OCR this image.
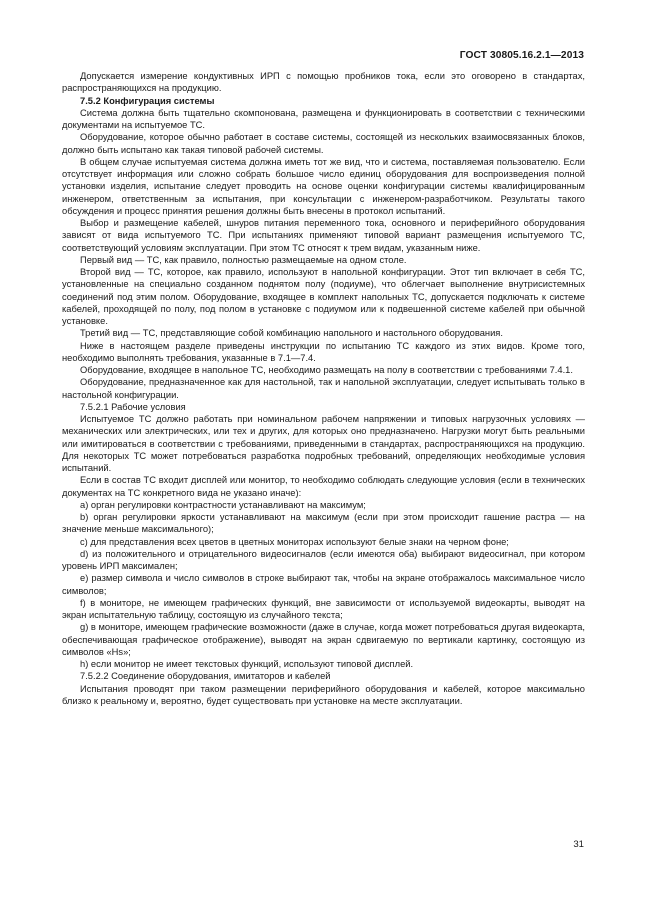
ГОСТ 30805.16.2.1—2013

Допускается измерение кондуктивных ИРП с помощью пробников тока, если это оговорено в стандартах, распространяющихся на продукцию.

7.5.2 Конфигурация системы

Система должна быть тщательно скомпонована, размещена и функционировать в соответствии с техническими документами на испытуемое ТС.

Оборудование, которое обычно работает в составе системы, состоящей из нескольких взаимосвязанных блоков, должно быть испытано как такая типовой рабочей системы.

В общем случае испытуемая система должна иметь тот же вид, что и система, поставляемая пользователю. Если отсутствует информация или сложно собрать большое число единиц оборудования для воспроизведения полной установки изделия, испытание следует проводить на основе оценки конфигурации системы квалифицированным инженером, ответственным за испытания, при консультации с инженером-разработчиком. Результаты такого обсуждения и процесс принятия решения должны быть внесены в протокол испытаний.

Выбор и размещение кабелей, шнуров питания переменного тока, основного и периферийного оборудования зависят от вида испытуемого ТС. При испытаниях применяют типовой вариант размещения испытуемого ТС, соответствующий условиям эксплуатации. При этом ТС относят к трем видам, указанным ниже.

Первый вид — ТС, как правило, полностью размещаемые на одном столе.

Второй вид — ТС, которое, как правило, используют в напольной конфигурации. Этот тип включает в себя ТС, установленные на специально созданном поднятом полу (подиуме), что облегчает выполнение внутрисистемных соединений под этим полом. Оборудование, входящее в комплект напольных ТС, допускается подключать к системе кабелей, проходящей по полу, под полом в установке с подиумом или к подвешенной системе кабелей при обычной установке.

Третий вид — ТС, представляющие собой комбинацию напольного и настольного оборудования.

Ниже в настоящем разделе приведены инструкции по испытанию ТС каждого из этих видов. Кроме того, необходимо выполнять требования, указанные в 7.1—7.4.

Оборудование, входящее в напольное ТС, необходимо размещать на полу в соответствии с требованиями 7.4.1.

Оборудование, предназначенное как для настольной, так и напольной эксплуатации, следует испытывать только в настольной конфигурации.

7.5.2.1 Рабочие условия

Испытуемое ТС должно работать при номинальном рабочем напряжении и типовых нагрузочных условиях — механических или электрических, или тех и других, для которых оно предназначено. Нагрузки могут быть реальными или имитироваться в соответствии с требованиями, приведенными в стандартах, распространяющихся на продукцию. Для некоторых ТС может потребоваться разработка подробных требований, определяющих необходимые условия испытаний.

Если в состав ТС входит дисплей или монитор, то необходимо соблюдать следующие условия (если в технических документах на ТС конкретного вида не указано иначе):

a) орган регулировки контрастности устанавливают на максимум;

b) орган регулировки яркости устанавливают на максимум (если при этом происходит гашение растра — на значение меньше максимального);

c) для представления всех цветов в цветных мониторах используют белые знаки на черном фоне;

d) из положительного и отрицательного видеосигналов (если имеются оба) выбирают видеосигнал, при котором уровень ИРП максимален;

e) размер символа и число символов в строке выбирают так, чтобы на экране отображалось максимальное число символов;

f) в мониторе, не имеющем графических функций, вне зависимости от используемой видеокарты, выводят на экран испытательную таблицу, состоящую из случайного текста;

g) в мониторе, имеющем графические возможности (даже в случае, когда может потребоваться другая видеокарта, обеспечивающая графическое отображение), выводят на экран сдвигаемую по вертикали картинку, состоящую из символов «Hs»;

h) если монитор не имеет текстовых функций, используют типовой дисплей.

7.5.2.2 Соединение оборудования, имитаторов и кабелей

Испытания проводят при таком размещении периферийного оборудования и кабелей, которое максимально близко к реальному и, вероятно, будет существовать при установке на месте эксплуатации.

31
